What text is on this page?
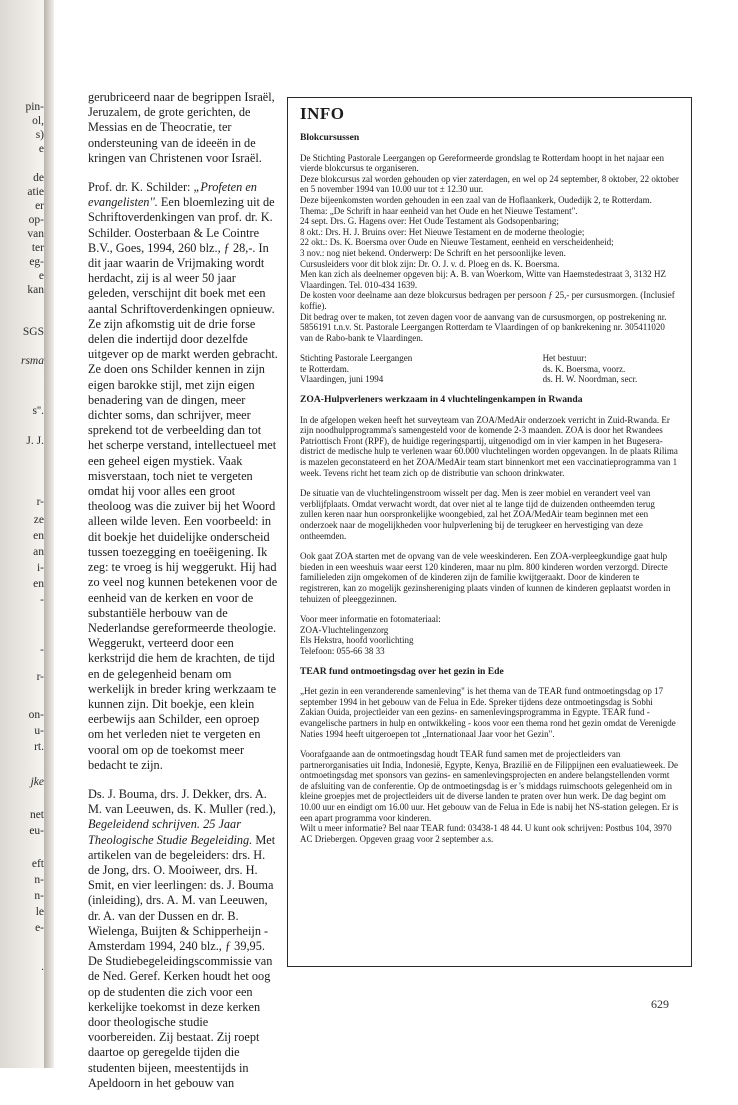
pin-
ol,
s)
e
de
atie
er
op-
van
ter
eg-
e
kan
SGS
rsma
s''.
J. J.
r-
ze
en
an
i-
en
-
-
r-
on-
u-
rt.
jke
net
eu-
eft
n-
n-
le
e-
.

gerubriceerd naar de begrippen Israël, Jeruzalem, de grote gerichten, de Messias en de Theocratie, ter ondersteuning van de ideeën in de kringen van Christenen voor Israël.

Prof. dr. K. Schilder: „Profeten en evangelisten''. Een bloemlezing uit de Schriftoverdenkingen van prof. dr. K. Schilder. Oosterbaan & Le Cointre B.V., Goes, 1994, 260 blz., ƒ 28,-. In dit jaar waarin de Vrijmaking wordt herdacht, zij is al weer 50 jaar geleden, verschijnt dit boek met een aantal Schriftoverdenkingen opnieuw. Ze zijn afkomstig uit de drie forse delen die indertijd door dezelfde uitgever op de markt werden gebracht. Ze doen ons Schilder kennen in zijn eigen barokke stijl, met zijn eigen benadering van de dingen, meer dichter soms, dan schrijver, meer sprekend tot de verbeelding dan tot het scherpe verstand, intellectueel met een geheel eigen mystiek. Vaak misverstaan, toch niet te vergeten omdat hij voor alles een groot theoloog was die zuiver bij het Woord alleen wilde leven. Een voorbeeld: in dit boekje het duidelijke onderscheid tussen toezegging en toeëigening. Ik zeg: te vroeg is hij weggerukt. Hij had zo veel nog kunnen betekenen voor de eenheid van de kerken en voor de substantiële herbouw van de Nederlandse gereformeerde theologie. Weggerukt, verteerd door een kerkstrijd die hem de krachten, de tijd en de gelegenheid benam om werkelijk in breder kring werkzaam te kunnen zijn. Dit boekje, een klein eerbewijs aan Schilder, een oproep om het verleden niet te vergeten en vooral om op de toekomst meer bedacht te zijn.

Ds. J. Bouma, drs. J. Dekker, drs. A. M. van Leeuwen, ds. K. Muller (red.), Begeleidend schrijven. 25 Jaar Theologische Studie Begeleiding. Met artikelen van de begeleiders: drs. H. de Jong, drs. O. Mooiweer, drs. H. Smit, en vier leerlingen: ds. J. Bouma (inleiding), drs. A. M. van Leeuwen, dr. A. van der Dussen en dr. B. Wielenga, Buijten & Schipperheijn - Amsterdam 1994, 240 blz., ƒ 39,95. De Studiebegeleidingscommissie van de Ned. Geref. Kerken houdt het oog op de studenten die zich voor een kerkelijke toekomst in deze kerken door theologische studie voorbereiden. Zij bestaat. Zij roept daartoe op geregelde tijden die studenten bijeen, meestentijds in Apeldoorn in het gebouw van

INFO
Blokcursussen

De Stichting Pastorale Leergangen op Gereformeerde grondslag te Rotterdam hoopt in het najaar een vierde blokcursus te organiseren.

Deze blokcursus zal worden gehouden op vier zaterdagen, en wel op 24 september, 8 oktober, 22 oktober en 5 november 1994 van 10.00 uur tot ± 12.30 uur.

Deze bijeenkomsten worden gehouden in een zaal van de Hoflaankerk, Oudedijk 2, te Rotterdam.

Thema: „De Schrift in haar eenheid van het Oude en het Nieuwe Testament".

24 sept. Drs. G. Hagens over: Het Oude Testament als Godsopenbaring;

8 okt.: Drs. H. J. Bruins over: Het Nieuwe Testament en de moderne theologie;

22 okt.: Ds. K. Boersma over Oude en Nieuwe Testament, eenheid en verscheidenheid;

3 nov.: nog niet bekend. Onderwerp: De Schrift en het persoonlijke leven.

Cursusleiders voor dit blok zijn: Dr. O. J. v. d. Ploeg en ds. K. Boersma.

Men kan zich als deelnemer opgeven bij: A. B. van Woerkom, Witte van Haemstedestraat 3, 3132 HZ Vlaardingen. Tel. 010-434 1639.

De kosten voor deelname aan deze blokcursus bedragen per persoon ƒ 25,- per cursusmorgen. (Inclusief koffie).

Dit bedrag over te maken, tot zeven dagen voor de aanvang van de cursusmorgen, op postrekening nr. 5856191 t.n.v. St. Pastorale Leergangen Rotterdam te Vlaardingen of op bankrekening nr. 305411020 van de Rabo-bank te Vlaardingen.

Stichting Pastorale Leergangen

te Rotterdam.

Vlaardingen, juni 1994

Het bestuur:

ds. K. Boersma, voorz.

ds. H. W. Noordman, secr.

ZOA-Hulpverleners werkzaam in 4 vluchtelingenkampen in Rwanda

In de afgelopen weken heeft het surveyteam van ZOA/MedAir onderzoek verricht in Zuid-Rwanda. Er zijn noodhulpprogramma's samengesteld voor de komende 2-3 maanden. ZOA is door het Rwandees Patriottisch Front (RPF), de huidige regeringspartij, uitgenodigd om in vier kampen in het Bugesera-district de medische hulp te verlenen waar 60.000 vluchtelingen worden opgevangen. In de plaats Rilima is mazelen geconstateerd en het ZOA/MedAir team start binnenkort met een vaccinatieprogramma van 1 week. Tevens richt het team zich op de distributie van schoon drinkwater.

De situatie van de vluchtelingenstroom wisselt per dag. Men is zeer mobiel en verandert veel van verblijfplaats. Omdat verwacht wordt, dat over niet al te lange tijd de duizenden ontheemden terug zullen keren naar hun oorspronkelijke woongebied, zal het ZOA/MedAir team beginnen met een onderzoek naar de mogelijkheden voor hulpverlening bij de terugkeer en hervestiging van deze ontheemden.

Ook gaat ZOA starten met de opvang van de vele weeskinderen. Een ZOA-verpleegkundige gaat hulp bieden in een weeshuis waar eerst 120 kinderen, maar nu plm. 800 kinderen worden verzorgd. Directe familieleden zijn omgekomen of de kinderen zijn de familie kwijtgeraakt. Door de kinderen te registreren, kan zo mogelijk gezinshereniging plaats vinden of kunnen de kinderen geplaatst worden in tehuizen of pleeggezinnen.

Voor meer informatie en fotomateriaal:

ZOA-Vluchtelingenzorg

Els Hekstra, hoofd voorlichting

Telefoon: 055-66 38 33

TEAR fund ontmoetingsdag over het gezin in Ede

„Het gezin in een veranderende samenleving" is het thema van de TEAR fund ontmoetingsdag op 17 september 1994 in het gebouw van de Felua in Ede. Spreker tijdens deze ontmoetingsdag is Sobhi Zakian Ouida, projectleider van een gezins- en samenlevingsprogramma in Egypte. TEAR fund - evangelische partners in hulp en ontwikkeling - koos voor een thema rond het gezin omdat de Verenigde Naties 1994 heeft uitgeroepen tot „Internationaal Jaar voor het Gezin".

Voorafgaande aan de ontmoetingsdag houdt TEAR fund samen met de projectleiders van partnerorganisaties uit India, Indonesië, Egypte, Kenya, Brazilië en de Filippijnen een evaluatieweek. De ontmoetingsdag met sponsors van gezins- en samenlevingsprojecten en andere belangstellenden vormt de afsluiting van de conferentie. Op de ontmoetingsdag is er 's middags ruimschoots gelegenheid om in kleine groepjes met de projectleiders uit de diverse landen te praten over hun werk. De dag begint om 10.00 uur en eindigt om 16.00 uur. Het gebouw van de Felua in Ede is nabij het NS-station gelegen. Er is een apart programma voor kinderen.

Wilt u meer informatie? Bel naar TEAR fund: 03438-1 48 44. U kunt ook schrijven: Postbus 104, 3970 AC Driebergen. Opgeven graag voor 2 september a.s.

629
